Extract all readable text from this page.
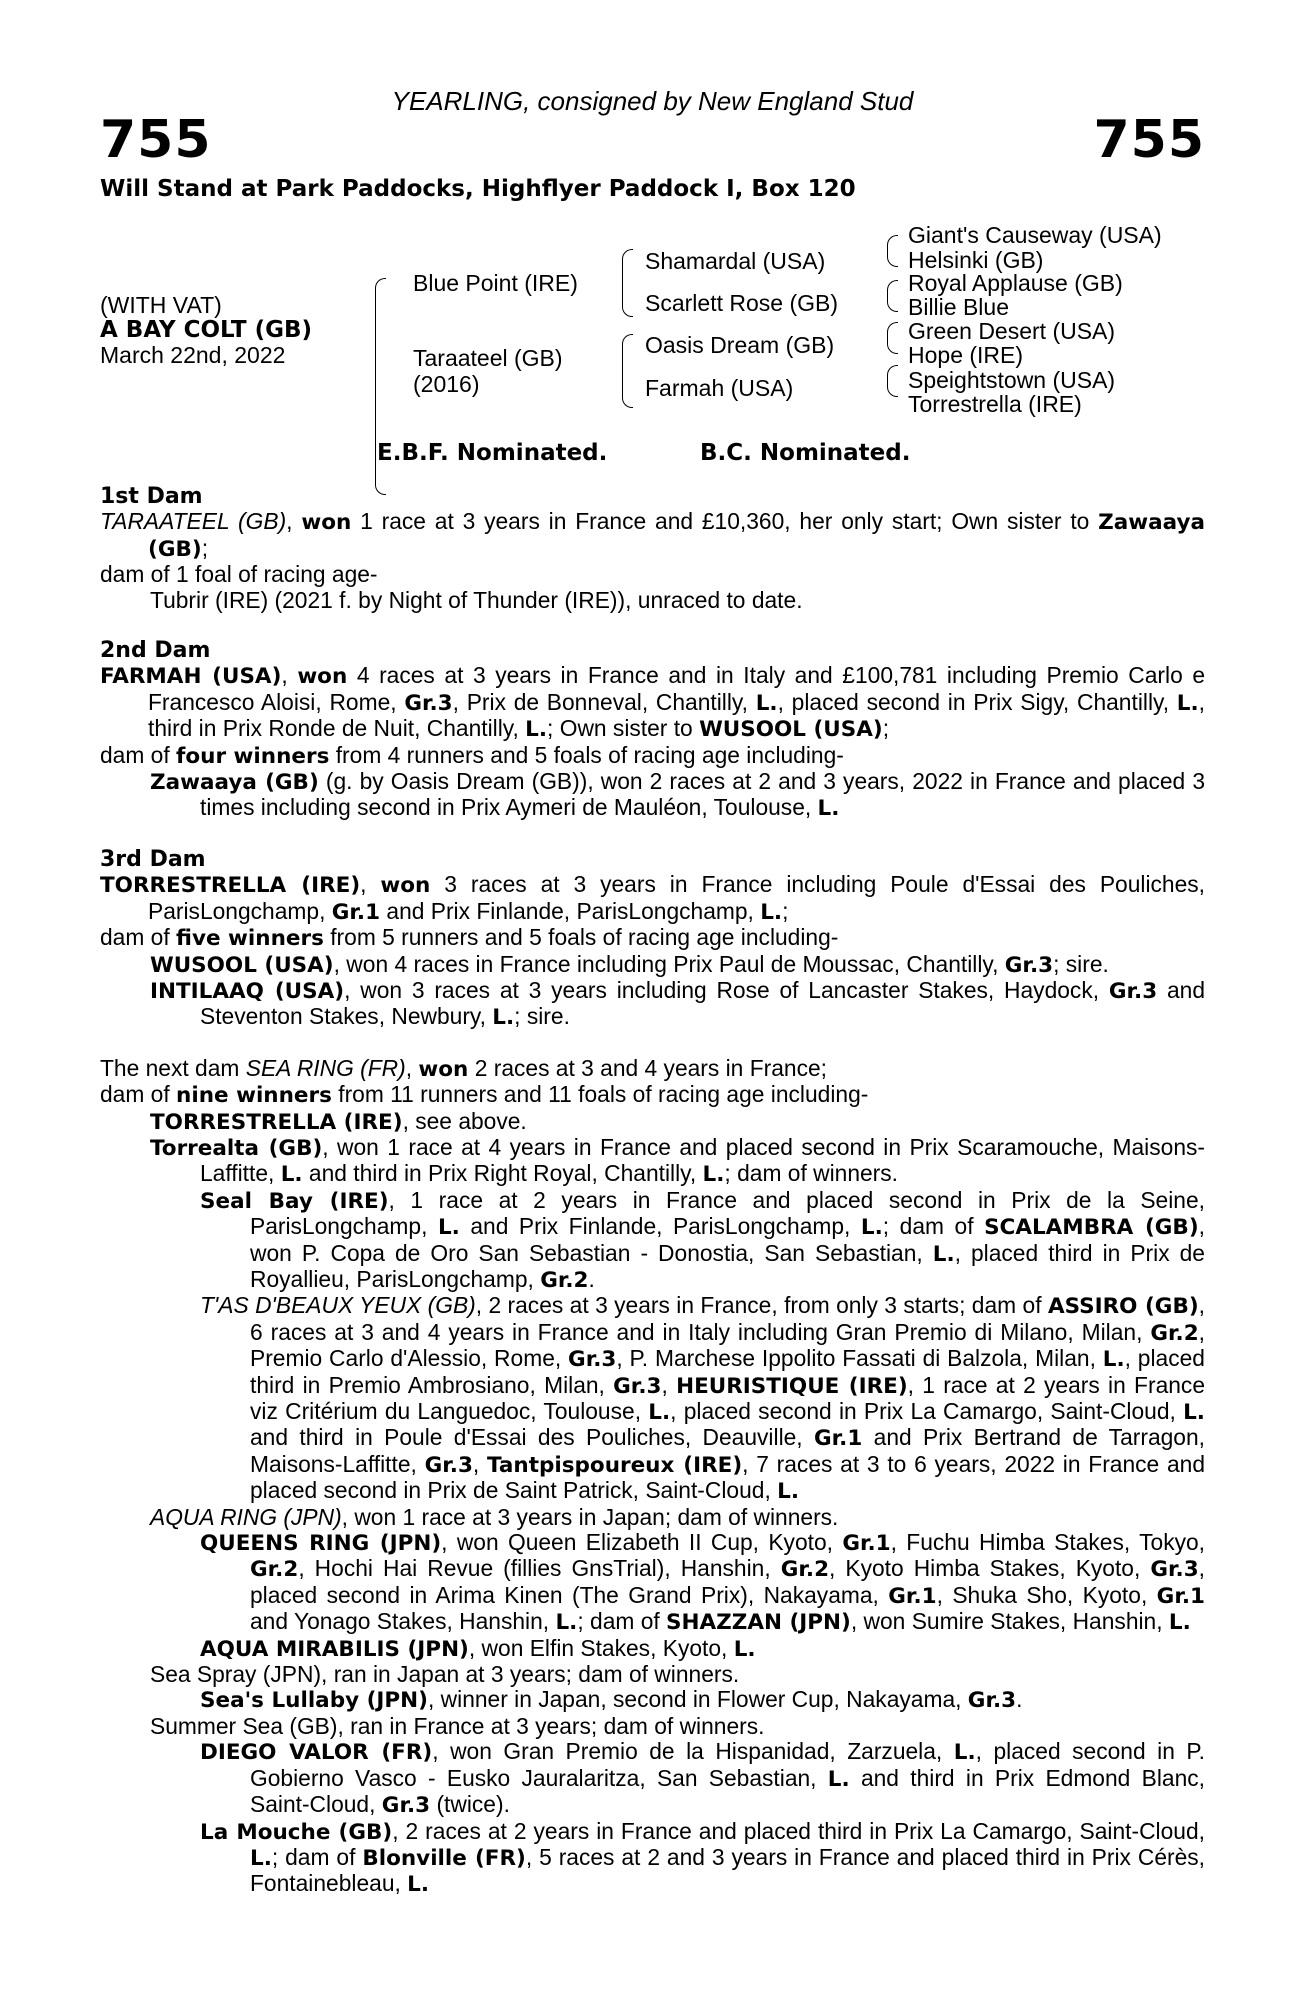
YEARLING, consigned by New England Stud
755	755
Will Stand at Park Paddocks, Highflyer Paddock I, Box 120
(WITH VAT)
A BAY COLT (GB)
March 22nd, 2022
Blue Point (IRE)
Taraateel (GB)
(2016)
Shamardal (USA)
Scarlett Rose (GB)
Oasis Dream (GB)
Farmah (USA)
Giant's Causeway (USA)
Helsinki (GB)
Royal Applause (GB)
Billie Blue
Green Desert (USA)
Hope (IRE)
Speightstown (USA)
Torrestrella (IRE)
E.B.F. Nominated.	B.C. Nominated.

1st Dam

TARAATEEL (GB), won 1 race at 3 years in France and £10,360, her only start; Own sister to Zawaaya (GB);

dam of 1 foal of racing age-

Tubrir (IRE) (2021 f. by Night of Thunder (IRE)), unraced to date.

2nd Dam

FARMAH (USA), won 4 races at 3 years in France and in Italy and £100,781 including Premio Carlo e Francesco Aloisi, Rome, Gr.3, Prix de Bonneval, Chantilly, L., placed second in Prix Sigy, Chantilly, L., third in Prix Ronde de Nuit, Chantilly, L.; Own sister to WUSOOL (USA);

dam of four winners from 4 runners and 5 foals of racing age including-

Zawaaya (GB) (g. by Oasis Dream (GB)), won 2 races at 2 and 3 years, 2022 in France and placed 3 times including second in Prix Aymeri de Mauléon, Toulouse, L.

3rd Dam

TORRESTRELLA (IRE), won 3 races at 3 years in France including Poule d'Essai des Pouliches, ParisLongchamp, Gr.1 and Prix Finlande, ParisLongchamp, L.;

dam of five winners from 5 runners and 5 foals of racing age including-

WUSOOL (USA), won 4 races in France including Prix Paul de Moussac, Chantilly, Gr.3; sire.

INTILAAQ (USA), won 3 races at 3 years including Rose of Lancaster Stakes, Haydock, Gr.3 and Steventon Stakes, Newbury, L.; sire.

The next dam SEA RING (FR), won 2 races at 3 and 4 years in France;

dam of nine winners from 11 runners and 11 foals of racing age including-

TORRESTRELLA (IRE), see above.

Torrealta (GB), won 1 race at 4 years in France and placed second in Prix Scaramouche, Maisons-Laffitte, L. and third in Prix Right Royal, Chantilly, L.; dam of winners.

Seal Bay (IRE), 1 race at 2 years in France and placed second in Prix de la Seine, ParisLongchamp, L. and Prix Finlande, ParisLongchamp, L.; dam of SCALAMBRA (GB), won P. Copa de Oro San Sebastian - Donostia, San Sebastian, L., placed third in Prix de Royallieu, ParisLongchamp, Gr.2.

T'AS D'BEAUX YEUX (GB), 2 races at 3 years in France, from only 3 starts; dam of ASSIRO (GB), 6 races at 3 and 4 years in France and in Italy including Gran Premio di Milano, Milan, Gr.2, Premio Carlo d'Alessio, Rome, Gr.3, P. Marchese Ippolito Fassati di Balzola, Milan, L., placed third in Premio Ambrosiano, Milan, Gr.3, HEURISTIQUE (IRE), 1 race at 2 years in France viz Critérium du Languedoc, Toulouse, L., placed second in Prix La Camargo, Saint-Cloud, L. and third in Poule d'Essai des Pouliches, Deauville, Gr.1 and Prix Bertrand de Tarragon, Maisons-Laffitte, Gr.3, Tantpispoureux (IRE), 7 races at 3 to 6 years, 2022 in France and placed second in Prix de Saint Patrick, Saint-Cloud, L.

AQUA RING (JPN), won 1 race at 3 years in Japan; dam of winners.

QUEENS RING (JPN), won Queen Elizabeth II Cup, Kyoto, Gr.1, Fuchu Himba Stakes, Tokyo, Gr.2, Hochi Hai Revue (fillies GnsTrial), Hanshin, Gr.2, Kyoto Himba Stakes, Kyoto, Gr.3, placed second in Arima Kinen (The Grand Prix), Nakayama, Gr.1, Shuka Sho, Kyoto, Gr.1 and Yonago Stakes, Hanshin, L.; dam of SHAZZAN (JPN), won Sumire Stakes, Hanshin, L.

AQUA MIRABILIS (JPN), won Elfin Stakes, Kyoto, L.

Sea Spray (JPN), ran in Japan at 3 years; dam of winners.

Sea's Lullaby (JPN), winner in Japan, second in Flower Cup, Nakayama, Gr.3.

Summer Sea (GB), ran in France at 3 years; dam of winners.

DIEGO VALOR (FR), won Gran Premio de la Hispanidad, Zarzuela, L., placed second in P. Gobierno Vasco - Eusko Jauralaritza, San Sebastian, L. and third in Prix Edmond Blanc, Saint-Cloud, Gr.3 (twice).

La Mouche (GB), 2 races at 2 years in France and placed third in Prix La Camargo, Saint-Cloud, L.; dam of Blonville (FR), 5 races at 2 and 3 years in France and placed third in Prix Cérès, Fontainebleau, L.
